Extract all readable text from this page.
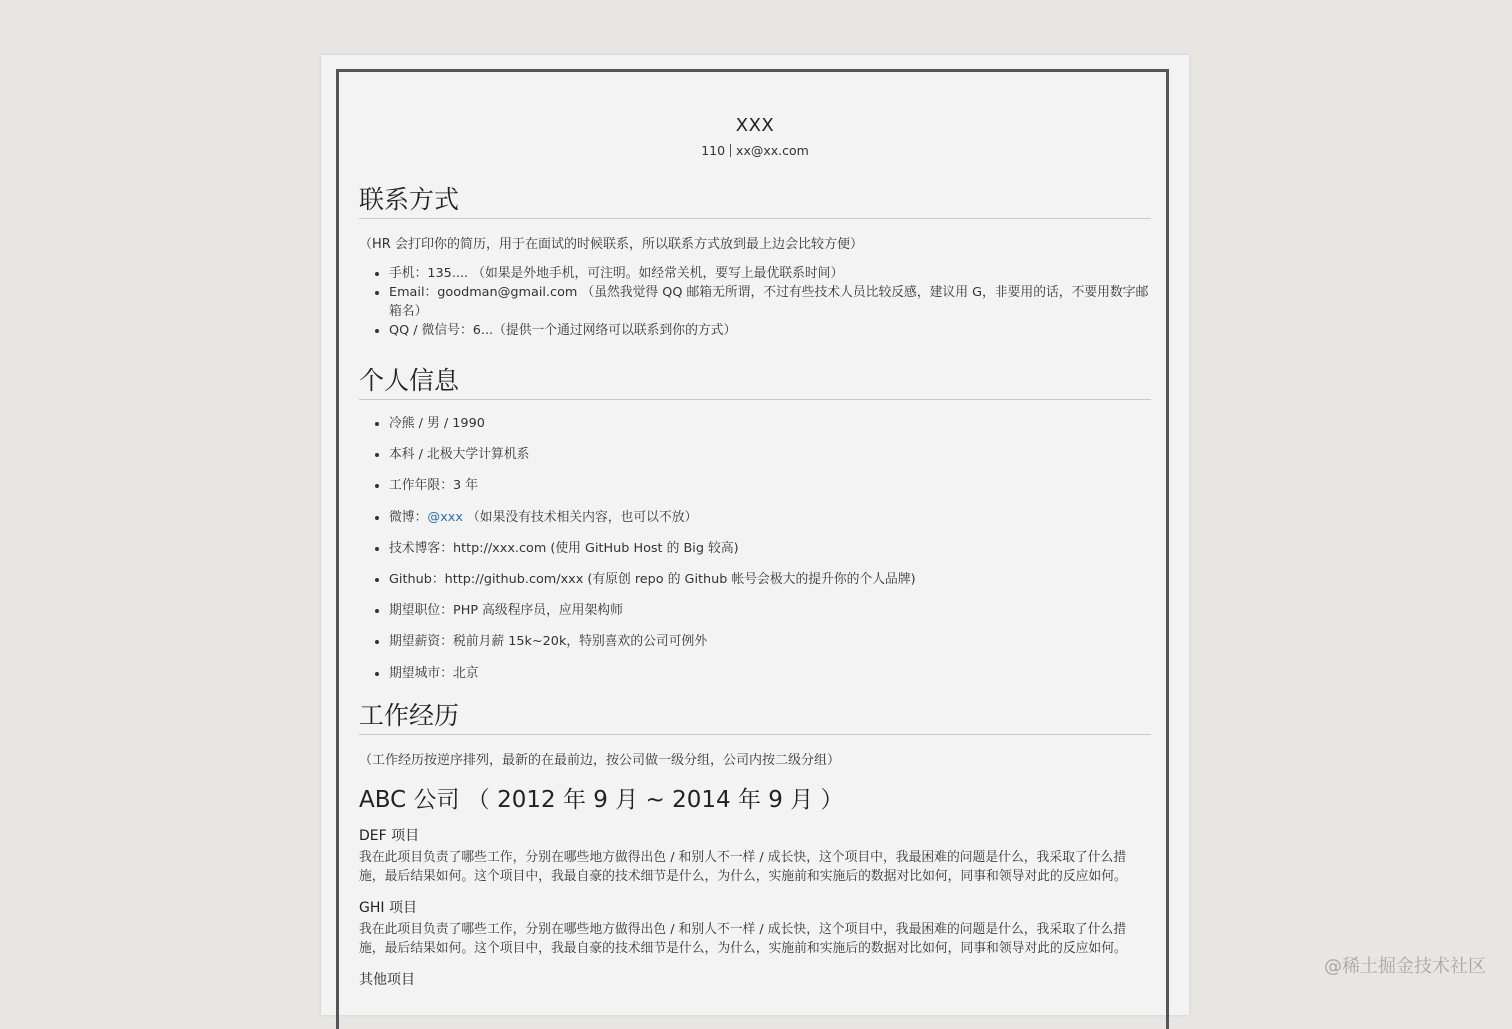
XXX
110 xx@xx.com
联系方式

（HR 会打印你的简历，用于在面试的时候联系，所以联系方式放到最上边会比较方便）

• 手机：135.... （如果是外地手机，可注明。如经常关机，要写上最优联系时间）
• Email：goodman@gmail.com （虽然我觉得 QQ 邮箱无所谓，不过有些技术人员比较反感，建议用 G，非要用的话，不要用数字邮箱名）
• QQ / 微信号：6...（提供一个通过网络可以联系到你的方式）
个人信息
• 冷熊 / 男 / 1990
• 本科 / 北极大学计算机系
• 工作年限：3 年
• 微博：@xxx （如果没有技术相关内容，也可以不放）
• 技术博客：http://xxx.com (使用 GitHub Host 的 Big 较高)
• Github：http://github.com/xxx (有原创 repo 的 Github 帐号会极大的提升你的个人品牌)
• 期望职位：PHP 高级程序员，应用架构师
• 期望薪资：税前月薪 15k~20k，特别喜欢的公司可例外
• 期望城市：北京
工作经历

（工作经历按逆序排列，最新的在最前边，按公司做一级分组，公司内按二级分组）

ABC 公司 （ 2012 年 9 月 ~ 2014 年 9 月 ）
DEF 项目

我在此项目负责了哪些工作，分别在哪些地方做得出色 / 和别人不一样 / 成长快，这个项目中，我最困难的问题是什么，我采取了什么措施，最后结果如何。这个项目中，我最自豪的技术细节是什么，为什么，实施前和实施后的数据对比如何，同事和领导对此的反应如何。

GHI 项目

我在此项目负责了哪些工作，分别在哪些地方做得出色 / 和别人不一样 / 成长快，这个项目中，我最困难的问题是什么，我采取了什么措施，最后结果如何。这个项目中，我最自豪的技术细节是什么，为什么，实施前和实施后的数据对比如何，同事和领导对此的反应如何。

其他项目
@稀土掘金技术社区
